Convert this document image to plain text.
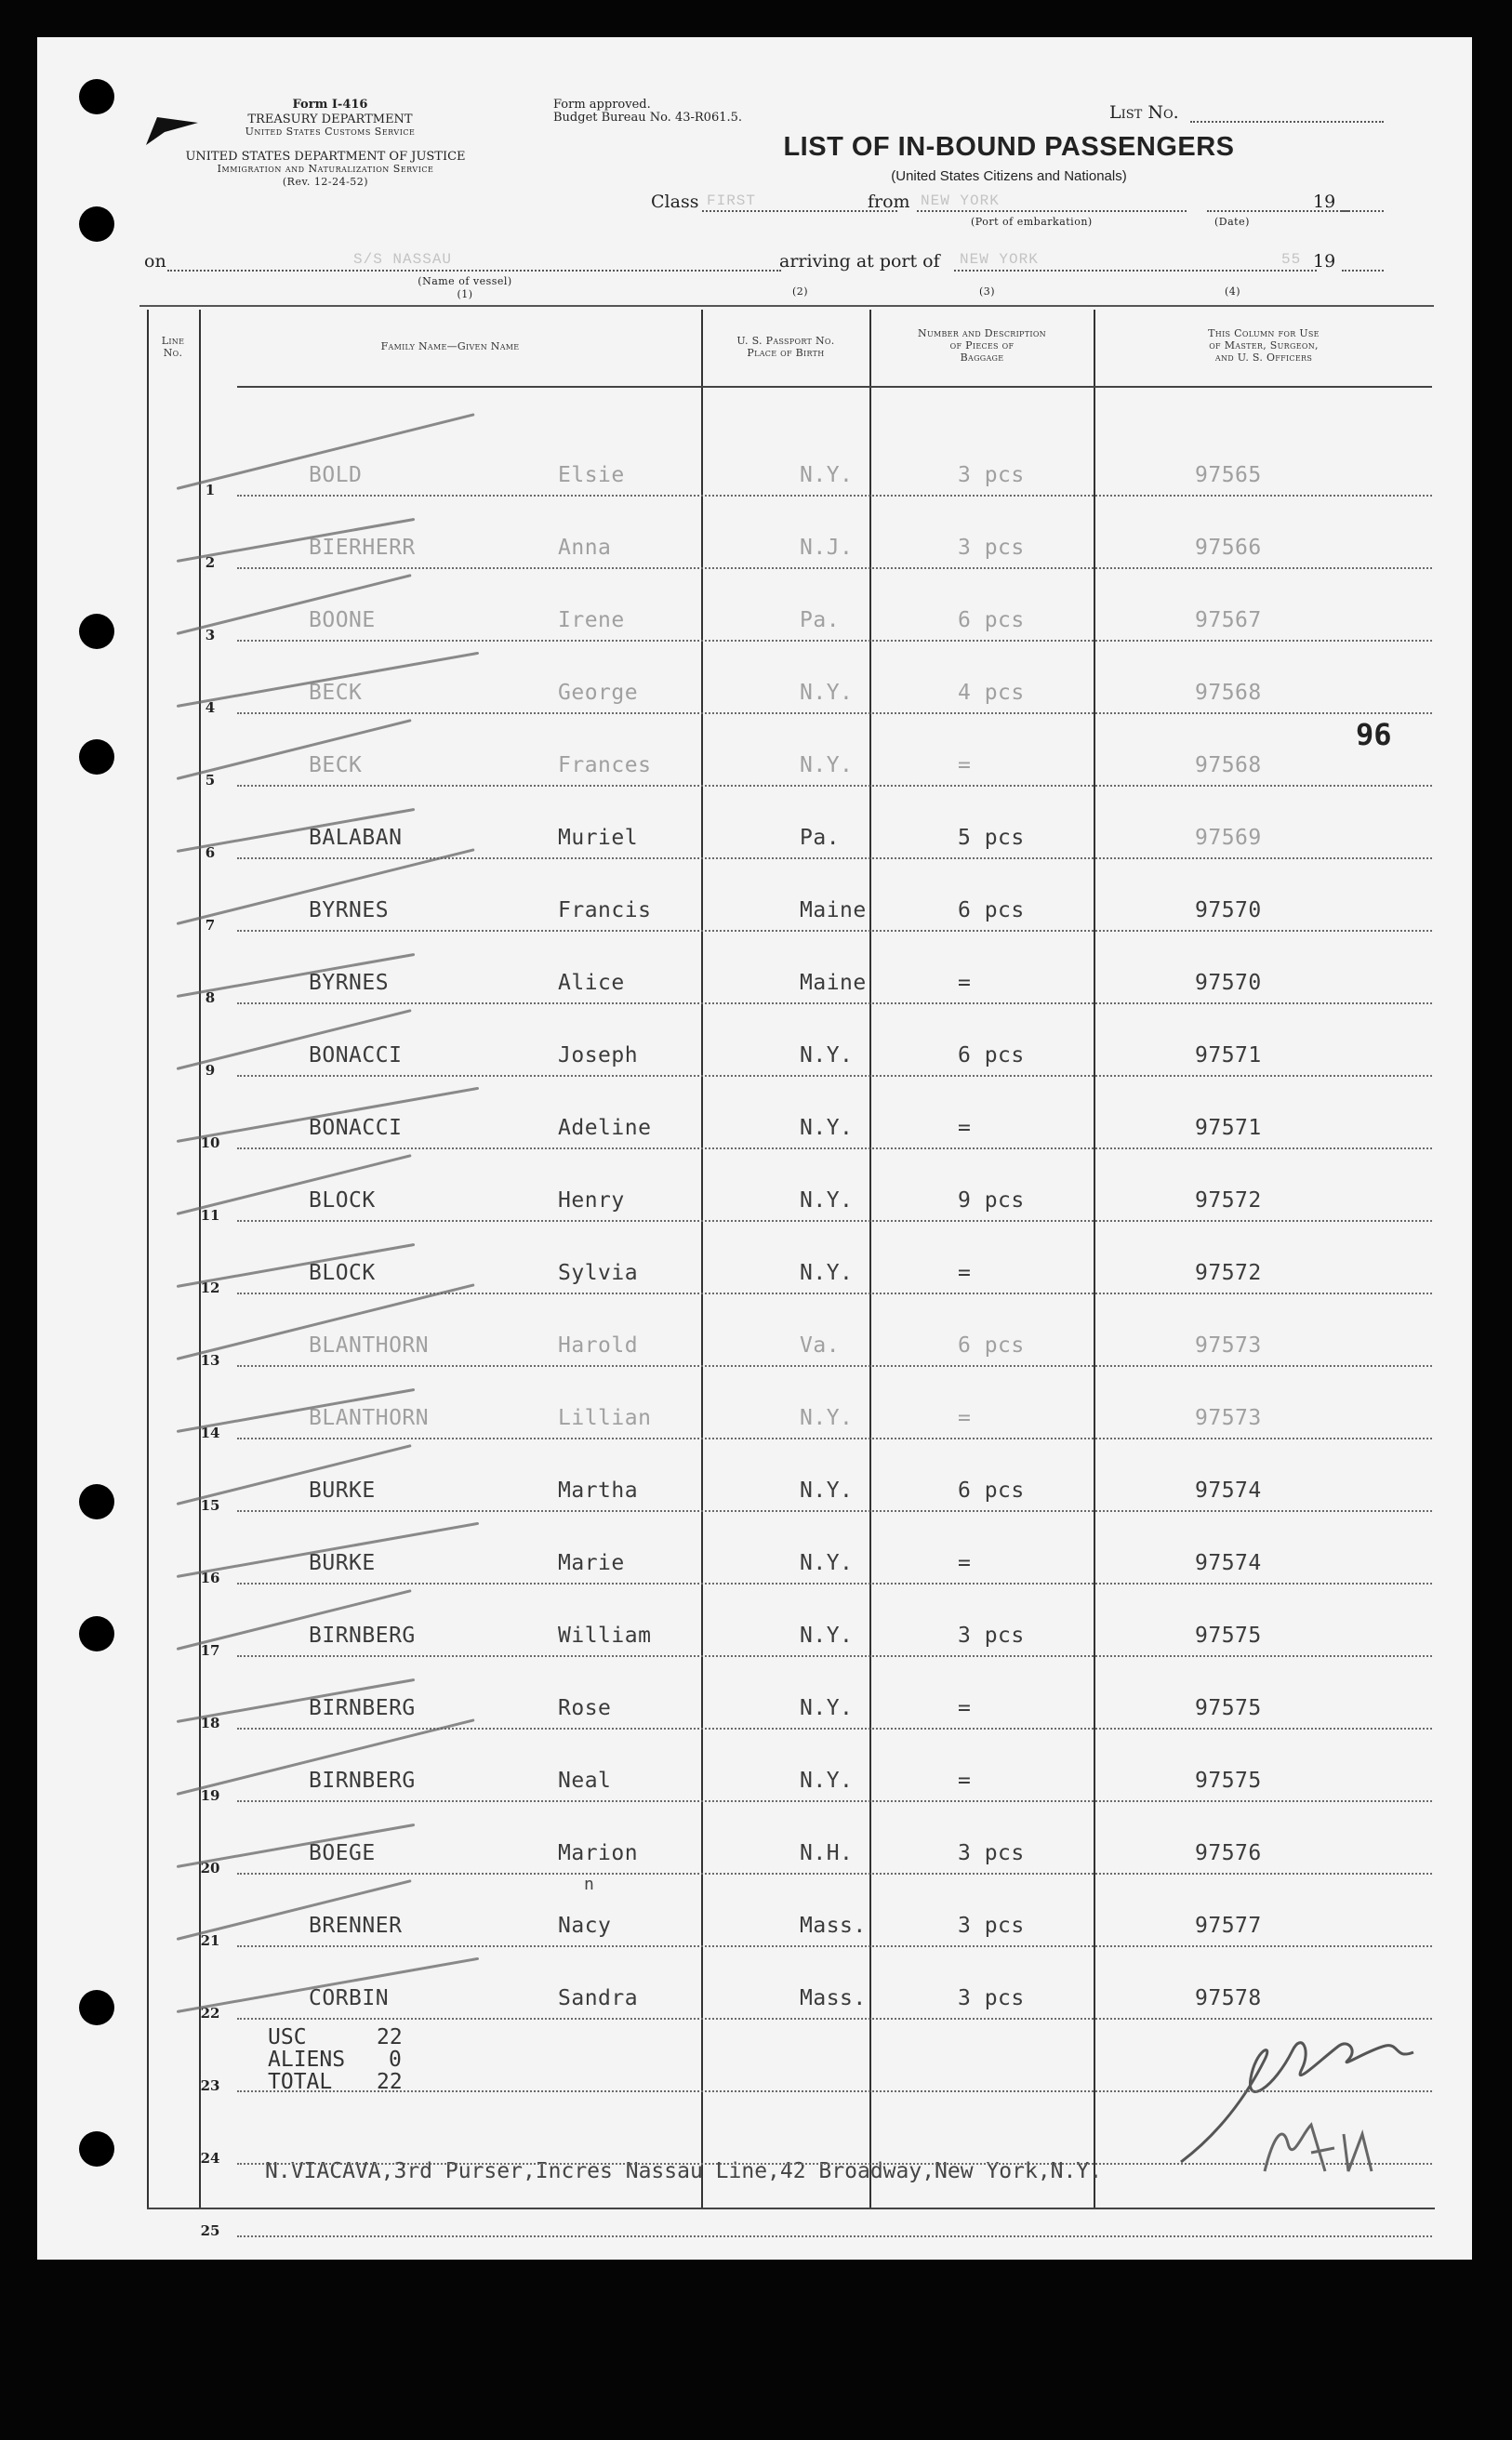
Form I-416
TREASURY DEPARTMENT
United States Customs Service
UNITED STATES DEPARTMENT OF JUSTICE
Immigration and Naturalization Service
(Rev. 12-24-52)
Form approved.
Budget Bureau No. 43-R061.5.	List No.
LIST OF IN-BOUND PASSENGERS
(United States Citizens and Nationals)
Class FIRST	from NEW YORK	19
(Port of embarkation)	(Date)
on	S/S NASSAU	arriving at port of NEW YORK	55 19
(Name of vessel)
(1)	(2)	(3)	(4)
Line
No.
Family Name—Given Name	U. S. Passport No.
Place of Birth
Number and Description
of Pieces of
Baggage
This Column for Use
of Master, Surgeon,
and U. S. Officers
USC	22
ALIENS 0
TOTAL 22
N.VIACAVA,3rd Purser,Incres Nassau Line,42 Broadway,New York,N.Y.
96
n
1
BOLD	Elsie	N.Y.	3 pcs	97565
2
BIERHERR	Anna	N.J.	3 pcs	97566
3
BOONE	Irene	Pa.	6 pcs	97567
4
BECK	George	N.Y.	4 pcs	97568
5
BECK	Frances	N.Y.	=	97568
6
BALABAN	Muriel	Pa.	5 pcs	97569
7
BYRNES	Francis	Maine	6 pcs	97570
8
BYRNES	Alice	Maine	=	97570
9
BONACCI	Joseph	N.Y.	6 pcs	97571
10
BONACCI	Adeline	N.Y.	=	97571
11
BLOCK	Henry	N.Y.	9 pcs	97572
12
BLOCK	Sylvia	N.Y.	=	97572
13
BLANTHORN	Harold	Va.	6 pcs	97573
14
BLANTHORN	Lillian	N.Y.	=	97573
15
BURKE	Martha	N.Y.	6 pcs	97574
16
BURKE	Marie	N.Y.	=	97574
17
BIRNBERG	William	N.Y.	3 pcs	97575
18
BIRNBERG	Rose	N.Y.	=	97575
19
BIRNBERG	Neal	N.Y.	=	97575
20
BOEGE	Marion	N.H.	3 pcs	97576
21
BRENNER	Nacy	Mass.	3 pcs	97577
22
CORBIN	Sandra	Mass.	3 pcs	97578
23
24
25
